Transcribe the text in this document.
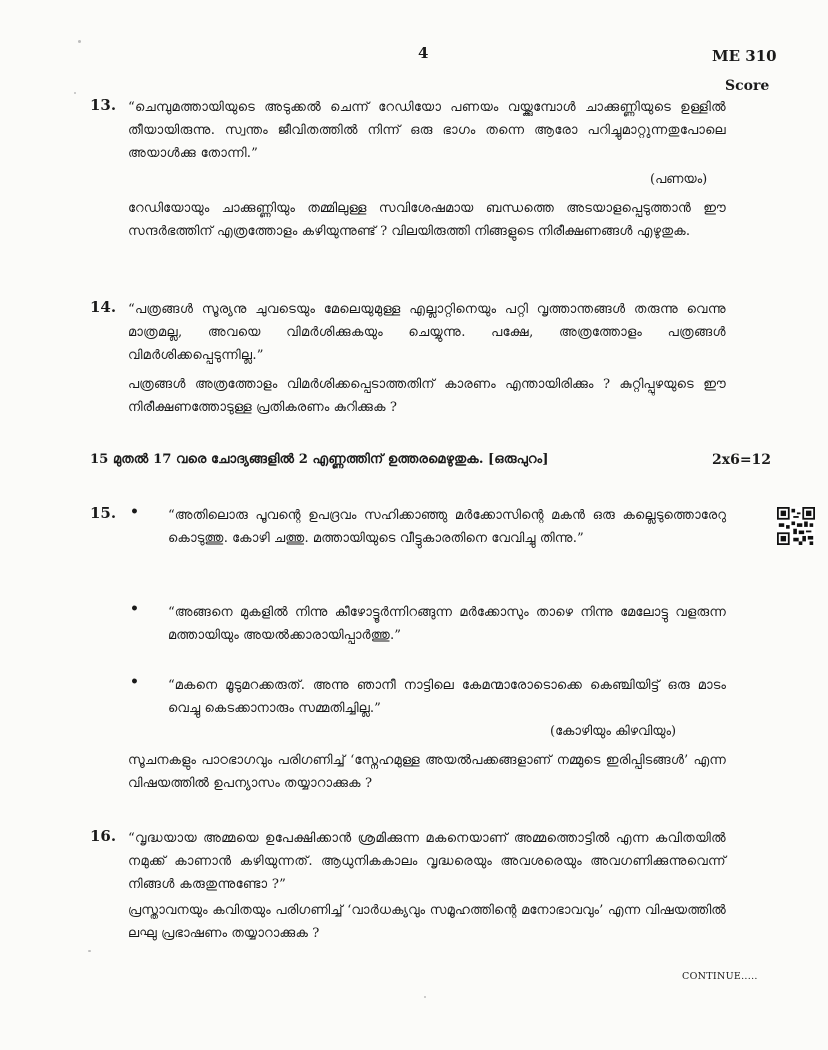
4	ME 310
Score
13. “ചെമ്പുമത്തായിയുടെ അടുക്കൽ ചെന്ന് റേഡിയോ പണയം വയ്ക്കുമ്പോൾ ചാക്കുണ്ണിയുടെ ഉള്ളിൽ തീയായിരുന്നു. സ്വന്തം ജീവിതത്തിൽ നിന്ന് ഒരു ഭാഗം തന്നെ ആരോ പറിച്ചുമാറ്റുന്നതുപോലെ അയാൾക്കു തോന്നി.”
(പണയം)
റേഡിയോയും ചാക്കുണ്ണിയും തമ്മിലുള്ള സവിശേഷമായ ബന്ധത്തെ അടയാളപ്പെടുത്താൻ ഈ സന്ദർഭത്തിന് എത്രത്തോളം കഴിയുന്നുണ്ട് ? വിലയിരുത്തി നിങ്ങളുടെ നിരീക്ഷണങ്ങൾ എഴുതുക.
14. “പത്രങ്ങൾ സൂര്യനു ചുവടെയും മേലെയുമുള്ള എല്ലാറ്റിനെയും പറ്റി വൃത്താന്തങ്ങൾ തരുന്നു വെന്നു മാത്രമല്ല, അവയെ വിമർശിക്കുകയും ചെയ്യുന്നു. പക്ഷേ, അത്രത്തോളം പത്രങ്ങൾ വിമർശിക്കപ്പെടുന്നില്ല.”
പത്രങ്ങൾ അത്രത്തോളം വിമർശിക്കപ്പെടാത്തതിന് കാരണം എന്തായിരിക്കും ? കുറ്റിപ്പുഴയുടെ ഈ നിരീക്ഷണത്തോടുള്ള പ്രതികരണം കുറിക്കുക ?
15 മുതൽ 17 വരെ ചോദ്യങ്ങളിൽ 2 എണ്ണത്തിന് ഉത്തരമെഴുതുക. [ഒരുപുറം]	2x6=12
15. • “അതിലൊരു പൂവന്റെ ഉപദ്രവം സഹിക്കാഞ്ഞു മർക്കോസിന്റെ മകൻ ഒരു കല്ലെടുത്തൊരേറു കൊടുത്തു. കോഴി ചത്തു. മത്തായിയുടെ വീട്ടുകാരതിനെ വേവിച്ചു തിന്നു.”
• “അങ്ങനെ മുകളിൽ നിന്നു കീഴോട്ടൂർന്നിറങ്ങുന്ന മർക്കോസും താഴെ നിന്നു മേലോട്ടു വളരുന്ന മത്തായിയും അയൽക്കാരായിപ്പാർത്തു.”
• “മകനെ മൂടുമറക്കരുത്. അന്നു ഞാനീ നാട്ടിലെ കേമന്മാരോടൊക്കെ കെഞ്ചിയിട്ട് ഒരു മാടം വെച്ചു കെടക്കാനാരും സമ്മതിച്ചില്ല.”
(കോഴിയും കിഴവിയും)
സൂചനകളും പാഠഭാഗവും പരിഗണിച്ച് ‘സ്നേഹമുള്ള അയൽപക്കങ്ങളാണ് നമ്മുടെ ഇരിപ്പിടങ്ങൾ’ എന്ന വിഷയത്തിൽ ഉപന്യാസം തയ്യാറാക്കുക ?
16. “വൃദ്ധയായ അമ്മയെ ഉപേക്ഷിക്കാൻ ശ്രമിക്കുന്ന മകനെയാണ് അമ്മത്തൊട്ടിൽ എന്ന കവിതയിൽ നമുക്ക് കാണാൻ കഴിയുന്നത്. ആധുനികകാലം വൃദ്ധരെയും അവശരെയും അവഗണിക്കുന്നുവെന്ന് നിങ്ങൾ കരുതുന്നുണ്ടോ ?”
പ്രസ്താവനയും കവിതയും പരിഗണിച്ച് ‘വാർധക്യവും സമൂഹത്തിന്റെ മനോഭാവവും’ എന്ന വിഷയത്തിൽ ലഘു പ്രഭാഷണം തയ്യാറാക്കുക ?
CONTINUE.....
